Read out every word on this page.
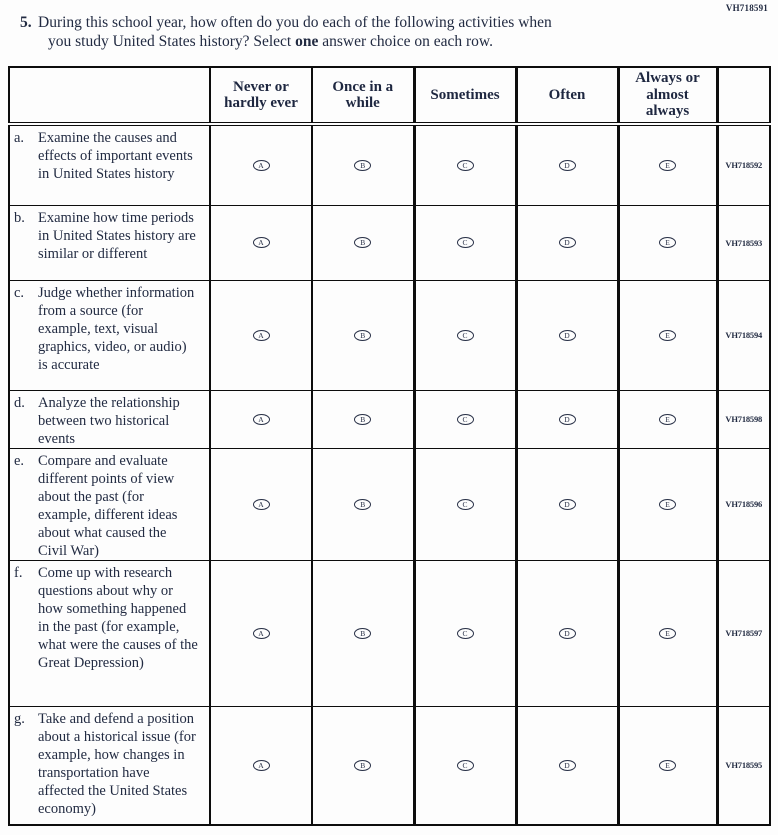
VH718591
5. During this school year, how often do you do each of the following activities when
you study United States history? Select one answer choice on each row.
	Never or hardly ever	Once in a while	Sometimes	Often	Always or almost always	

a. Examine the causes and effects of important events in United States history	A	B	C	D	E	VH718592

b. Examine how time periods in United States history are similar or different	A	B	C	D	E	VH718593

c. Judge whether information from a source (for example, text, visual graphics, video, or audio) is accurate	A	B	C	D	E	VH718594

d. Analyze the relationship between two historical events	A	B	C	D	E	VH718598

e. Compare and evaluate different points of view about the past (for example, different ideas about what caused the Civil War)	A	B	C	D	E	VH718596

f. Come up with research questions about why or how something happened in the past (for example, what were the causes of the Great Depression)	A	B	C	D	E	VH718597

g. Take and defend a position about a historical issue (for example, how changes in transportation have affected the United States economy)	A	B	C	D	E	VH718595
